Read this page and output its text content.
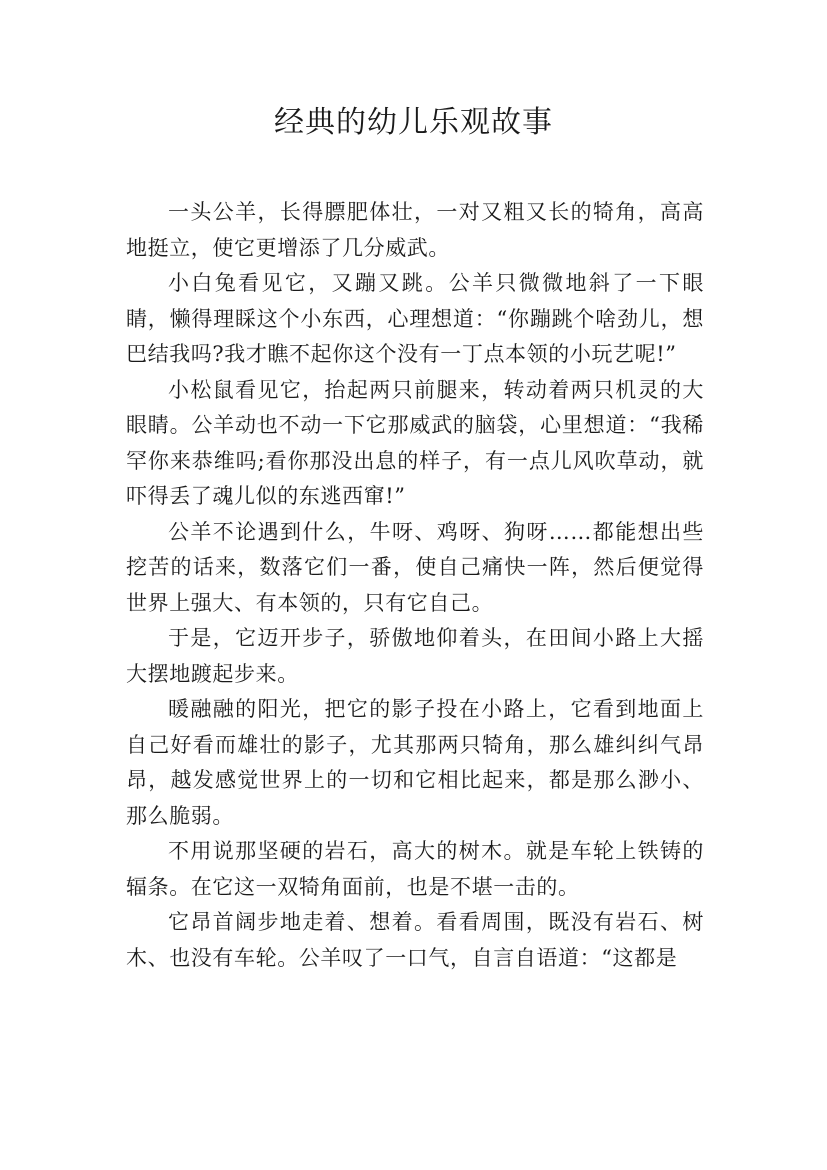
经典的幼儿乐观故事

一头公羊，长得膘肥体壮，一对又粗又长的犄角，高高地挺立，使它更增添了几分威武。

小白兔看见它，又蹦又跳。公羊只微微地斜了一下眼睛，懒得理睬这个小东西，心理想道：“你蹦跳个啥劲儿，想巴结我吗?我才瞧不起你这个没有一丁点本领的小玩艺呢!”

小松鼠看见它，抬起两只前腿来，转动着两只机灵的大眼睛。公羊动也不动一下它那威武的脑袋，心里想道：“我稀罕你来恭维吗;看你那没出息的样子，有一点儿风吹草动，就吓得丢了魂儿似的东逃西窜!”

公羊不论遇到什么，牛呀、鸡呀、狗呀……都能想出些挖苦的话来，数落它们一番，使自己痛快一阵，然后便觉得世界上强大、有本领的，只有它自己。

于是，它迈开步子，骄傲地仰着头，在田间小路上大摇大摆地踱起步来。

暖融融的阳光，把它的影子投在小路上，它看到地面上自己好看而雄壮的影子，尤其那两只犄角，那么雄纠纠气昂昂，越发感觉世界上的一切和它相比起来，都是那么渺小、那么脆弱。

不用说那坚硬的岩石，高大的树木。就是车轮上铁铸的辐条。在它这一双犄角面前，也是不堪一击的。

它昂首阔步地走着、想着。看看周围，既没有岩石、树木、也没有车轮。公羊叹了一口气，自言自语道：“这都是
